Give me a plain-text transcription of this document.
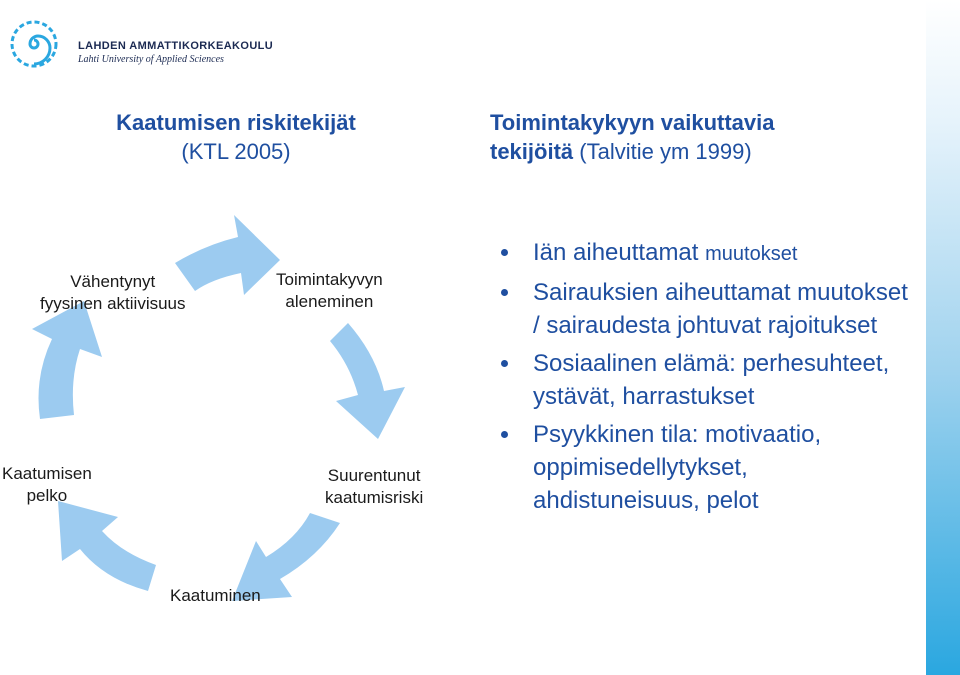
LAHDEN AMMATTIKORKEAKOULU
Lahti University of Applied Sciences
Kaatumisen riskitekijät
(KTL 2005)
Toimintakykyyn vaikuttavia
tekijöitä (Talvitie ym 1999)
Toimintakyvyn
aleneminen
Suurentunut
kaatumisriski
Kaatuminen
Kaatumisen
pelko
Vähentynyt
fyysinen aktiivisuus
Iän aiheuttamat muutokset
Sairauksien aiheuttamat muutokset / sairaudesta johtuvat rajoitukset
Sosiaalinen elämä: perhesuhteet, ystävät, harrastukset
Psyykkinen tila: motivaatio, oppimisedellytykset, ahdistuneisuus, pelot
